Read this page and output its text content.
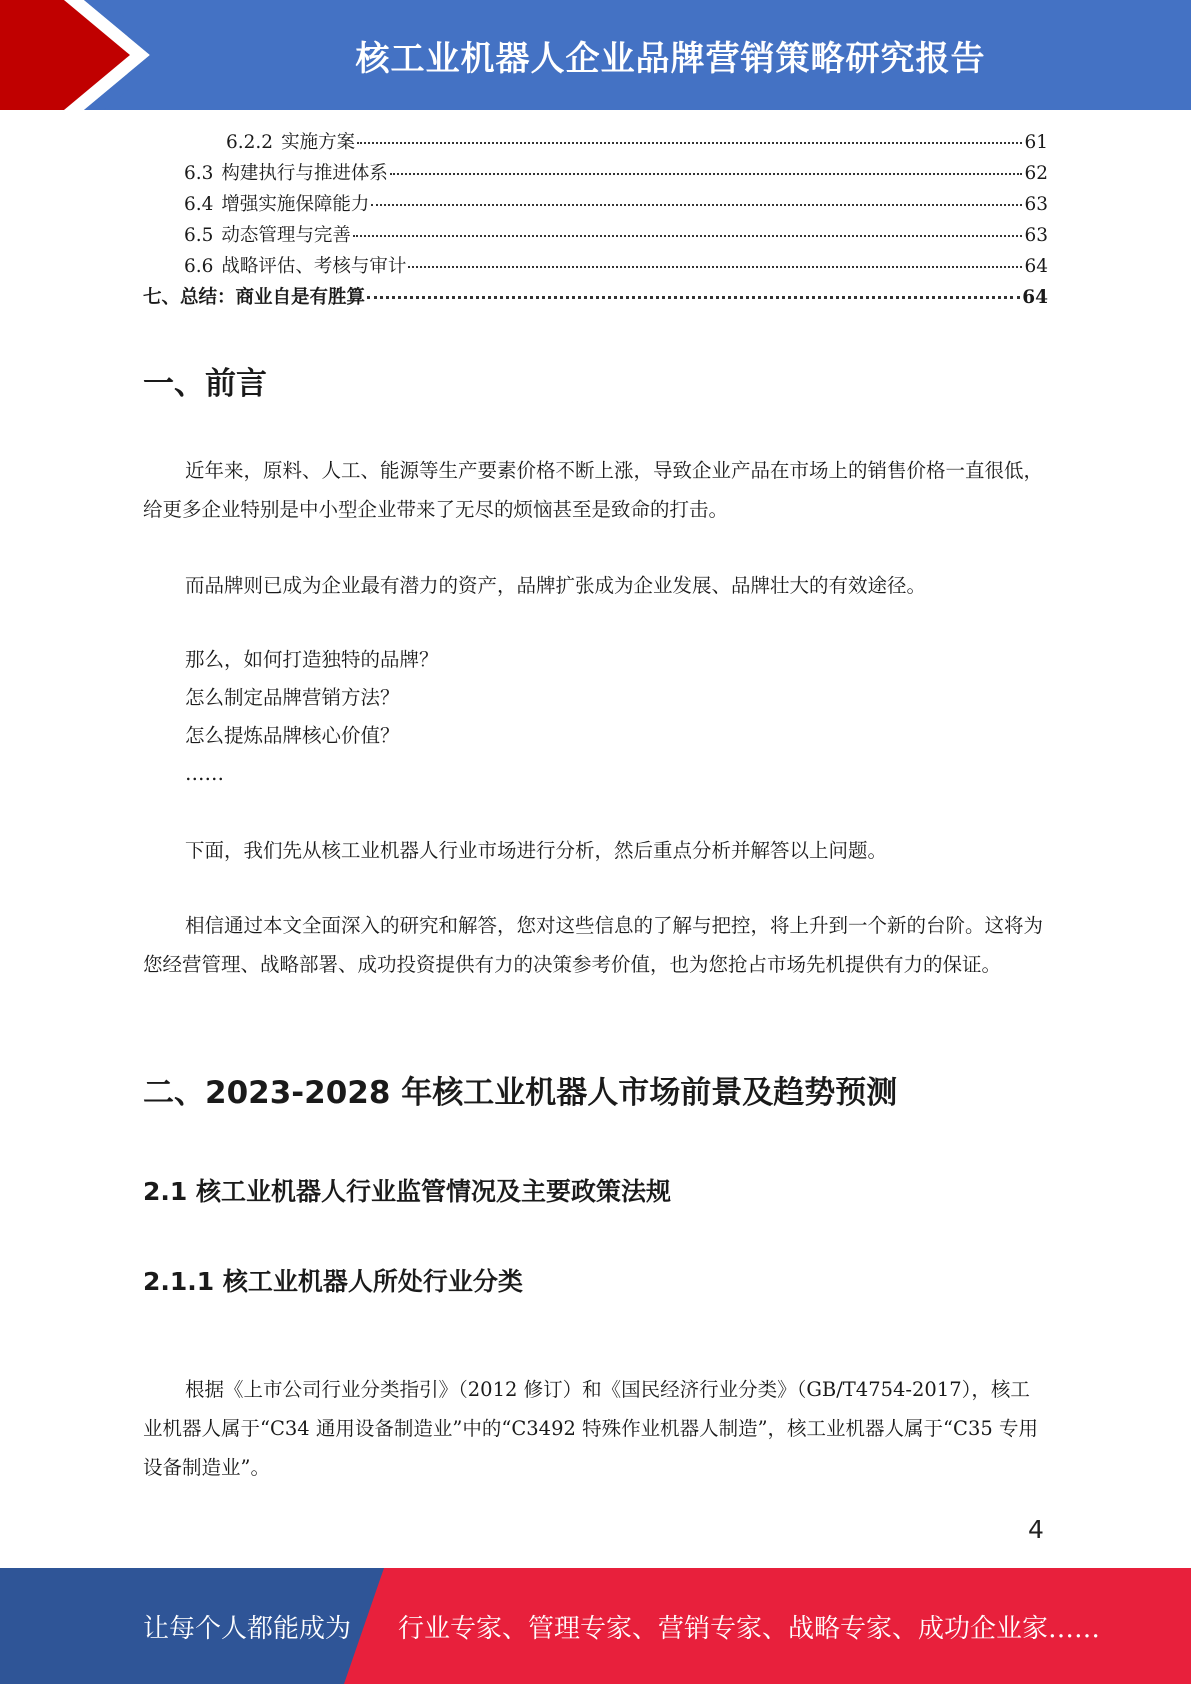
核工业机器人企业品牌营销策略研究报告
6.2.2 实施方案	61
6.3 构建执行与推进体系	62
6.4 增强实施保障能力	63
6.5 动态管理与完善	63
6.6 战略评估、考核与审计	64
七、总结：商业自是有胜算	64
一、前言
近年来，原料、人工、能源等生产要素价格不断上涨，导致企业产品在市场上的销售价格一直很低，给更多企业特别是中小型企业带来了无尽的烦恼甚至是致命的打击。
而品牌则已成为企业最有潜力的资产，品牌扩张成为企业发展、品牌壮大的有效途径。
那么，如何打造独特的品牌？
怎么制定品牌营销方法？
怎么提炼品牌核心价值？
……
下面，我们先从核工业机器人行业市场进行分析，然后重点分析并解答以上问题。
相信通过本文全面深入的研究和解答，您对这些信息的了解与把控，将上升到一个新的台阶。这将为您经营管理、战略部署、成功投资提供有力的决策参考价值，也为您抢占市场先机提供有力的保证。
二、2023-2028 年核工业机器人市场前景及趋势预测
2.1 核工业机器人行业监管情况及主要政策法规
2.1.1 核工业机器人所处行业分类
根据《上市公司行业分类指引》（2012 修订）和《国民经济行业分类》（GB/T4754-2017），核工业机器人属于“C34 通用设备制造业”中的“C3492 特殊作业机器人制造”，核工业机器人属于“C35 专用设备制造业”。
4
让每个人都能成为 行业专家、管理专家、营销专家、战略专家、成功企业家……
